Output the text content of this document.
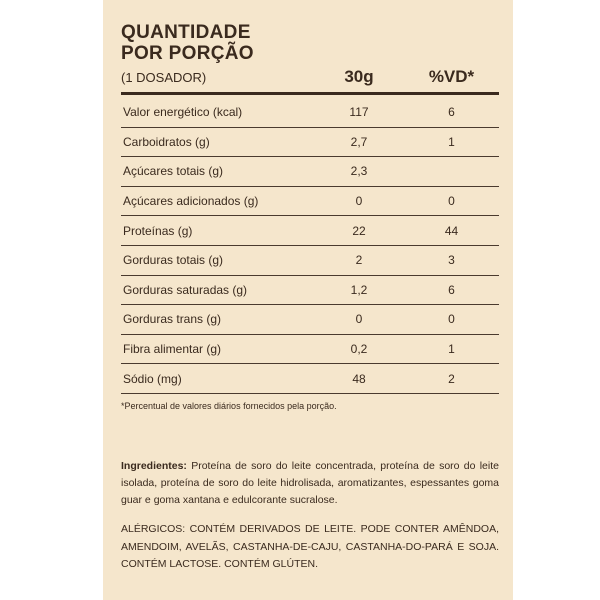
QUANTIDADE
POR PORÇÃO
(1 DOSADOR)	30g	%VD*
Valor energético (kcal)	117	6
Carboidratos (g)	2,7	1
Açúcares totais (g)	2,3
Açúcares adicionados (g)	0	0
Proteínas (g)	22	44
Gorduras totais (g)	2	3
Gorduras saturadas (g)	1,2	6
Gorduras trans (g)	0	0
Fibra alimentar (g)	0,2	1
Sódio (mg)	48	2
*Percentual de valores diários fornecidos pela porção.
Ingredientes: Proteína de soro do leite concentrada, proteína de soro do leite isolada, proteína de soro do leite hidrolisada, aromatizantes, espessantes goma guar e goma xantana e edulcorante sucralose.
ALÉRGICOS: CONTÉM DERIVADOS DE LEITE. PODE CONTER AMÊNDOA, AMENDOIM, AVELÃS, CASTANHA-DE-CAJU, CASTANHA-DO-PARÁ E SOJA. CONTÉM LACTOSE. CONTÉM GLÚTEN.
